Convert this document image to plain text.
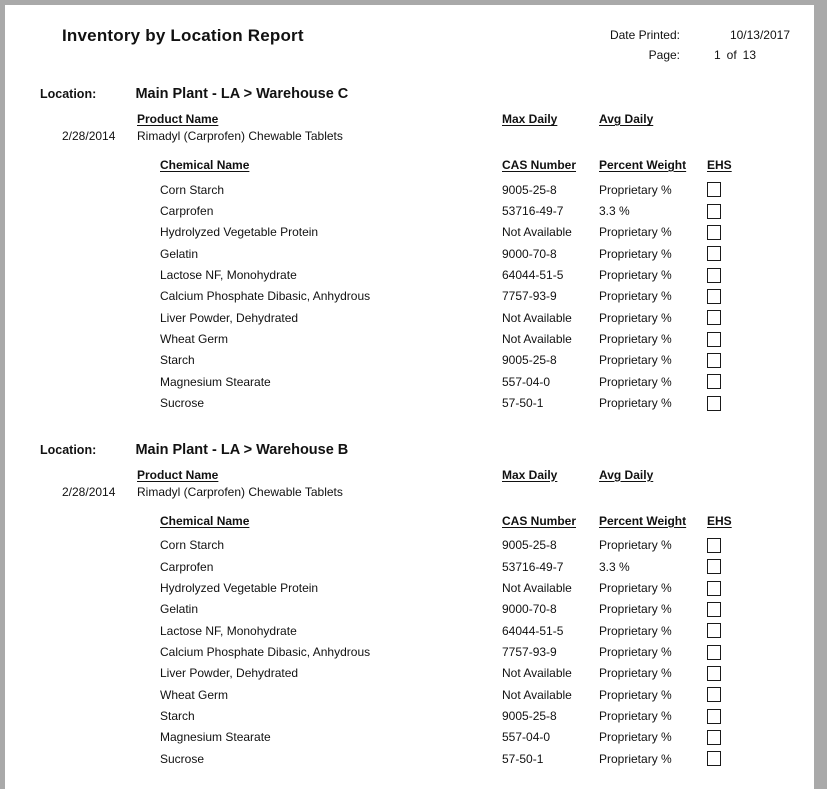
Inventory by Location Report	Date Printed:	10/13/2017
Page:	1 of 13
Location:	Main Plant - LA > Warehouse C
Product Name	Max Daily	Avg Daily
2/28/2014	Rimadyl (Carprofen) Chewable Tablets
Chemical Name	CAS Number	Percent Weight	EHS
Corn Starch	9005-25-8	Proprietary %
Carprofen	53716-49-7	3.3 %
Hydrolyzed Vegetable Protein	Not Available	Proprietary %
Gelatin	9000-70-8	Proprietary %
Lactose NF, Monohydrate	64044-51-5	Proprietary %
Calcium Phosphate Dibasic, Anhydrous	7757-93-9	Proprietary %
Liver Powder, Dehydrated	Not Available	Proprietary %
Wheat Germ	Not Available	Proprietary %
Starch	9005-25-8	Proprietary %
Magnesium Stearate	557-04-0	Proprietary %
Sucrose	57-50-1	Proprietary %
Location:	Main Plant - LA > Warehouse B
Product Name	Max Daily	Avg Daily
2/28/2014	Rimadyl (Carprofen) Chewable Tablets
Chemical Name	CAS Number	Percent Weight	EHS
Corn Starch	9005-25-8	Proprietary %
Carprofen	53716-49-7	3.3 %
Hydrolyzed Vegetable Protein	Not Available	Proprietary %
Gelatin	9000-70-8	Proprietary %
Lactose NF, Monohydrate	64044-51-5	Proprietary %
Calcium Phosphate Dibasic, Anhydrous	7757-93-9	Proprietary %
Liver Powder, Dehydrated	Not Available	Proprietary %
Wheat Germ	Not Available	Proprietary %
Starch	9005-25-8	Proprietary %
Magnesium Stearate	557-04-0	Proprietary %
Sucrose	57-50-1	Proprietary %
